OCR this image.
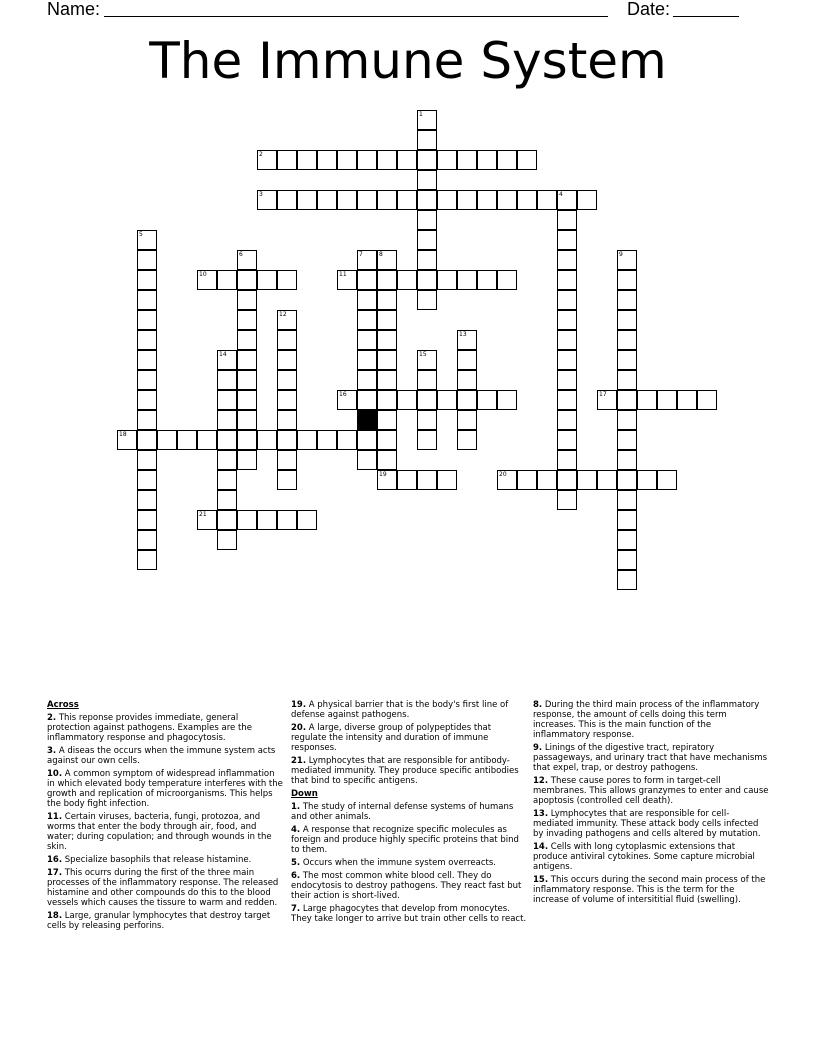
Name:	Date:
The Immune System
1
2
3	4
5
6	7	8
19
9
10	11
12
13
14	15
16	17
18
20
21
Across
2. This reponse provides immediate, general protection against pathogens. Examples are the inflammatory response and phagocytosis.
3. A diseas the occurs when the immune system acts against our own cells.
10. A common symptom of widespread inflammation in which elevated body temperature interferes with the growth and replication of microorganisms. This helps the body fight infection.
11. Certain viruses, bacteria, fungi, protozoa, and worms that enter the body through air, food, and water; during copulation; and through wounds in the skin.
16. Specialize basophils that release histamine.
17. This ocurrs during the first of the three main processes of the inflammatory response. The released histamine and other compounds do this to the blood vessels which causes the tissure to warm and redden.
18. Large, granular lymphocytes that destroy target cells by releasing perforins.
19. A physical barrier that is the body's first line of defense against pathogens.
20. A large, diverse group of polypeptides that regulate the intensity and duration of immune responses.
21. Lymphocytes that are responsible for antibody-mediated immunity. They produce specific antibodies that bind to specific antigens.
Down
1. The study of internal defense systems of humans and other animals.
4. A response that recognize specific molecules as foreign and produce highly specific proteins that bind to them.
5. Occurs when the immune system overreacts.
6. The most common white blood cell. They do endocytosis to destroy pathogens. They react fast but their action is short-lived.
7. Large phagocytes that develop from monocytes. They take longer to arrive but train other cells to react.
8. During the third main process of the inflammatory response, the amount of cells doing this term increases. This is the main function of the inflammatory response.
9. Linings of the digestive tract, repiratory passageways, and urinary tract that have mechanisms that expel, trap, or destroy pathogens.
12. These cause pores to form in target-cell membranes. This allows granzymes to enter and cause apoptosis (controlled cell death).
13. Lymphocytes that are responsible for cell-mediated immunity. These attack body cells infected by invading pathogens and cells altered by mutation.
14. Cells with long cytoplasmic extensions that produce antiviral cytokines. Some capture microbial antigens.
15. This occurs during the second main process of the inflammatory response. This is the term for the increase of volume of intersititial fluid (swelling).
